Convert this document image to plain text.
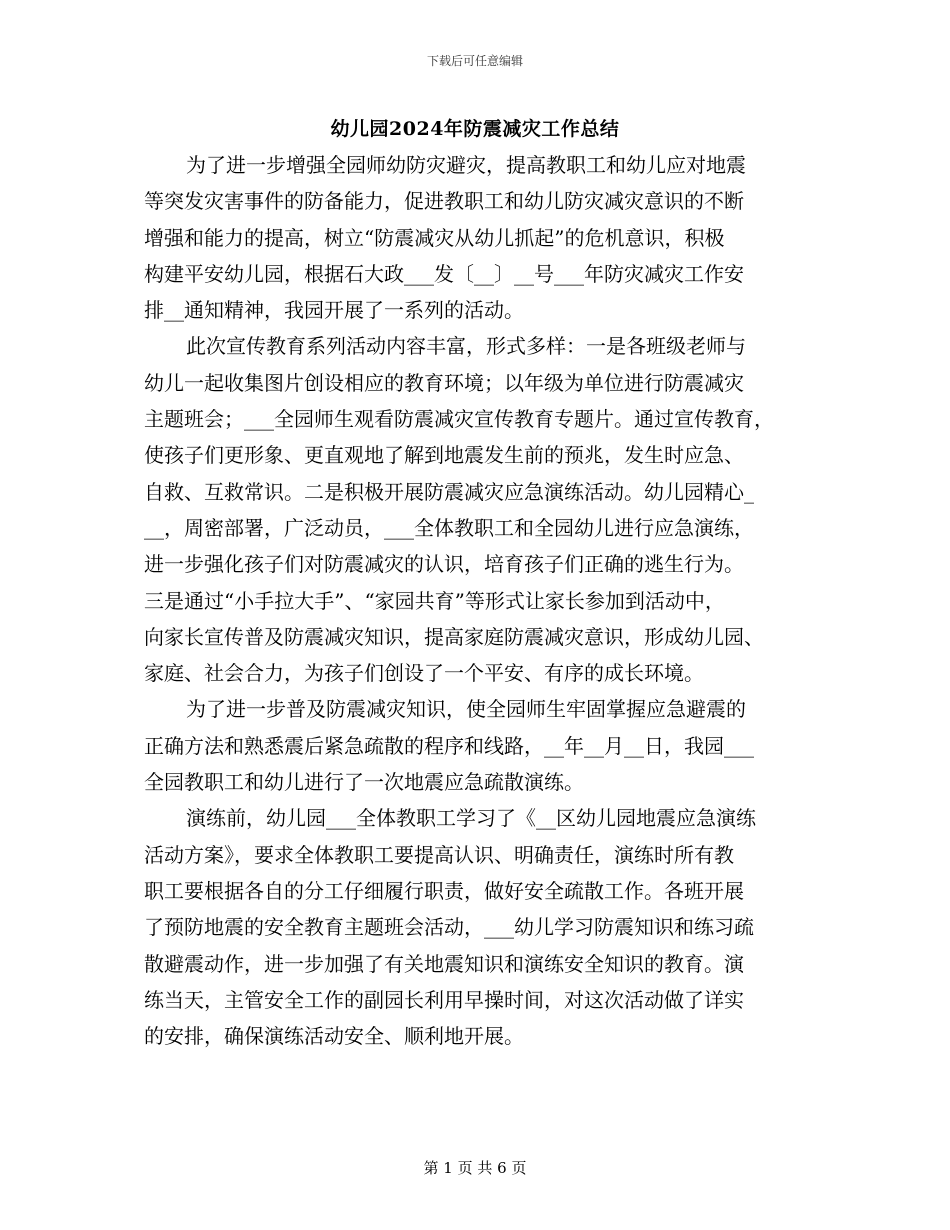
下载后可任意编辑
幼儿园2024年防震减灾工作总结
为了进一步增强全园师幼防灾避灾，提高教职工和幼儿应对地震
等突发灾害事件的防备能力，促进教职工和幼儿防灾减灾意识的不断
增强和能力的提高，树立“防震减灾从幼儿抓起”的危机意识，积极
构建平安幼儿园，根据石大政___发〔__〕__号___年防灾减灾工作安
排__通知精神，我园开展了一系列的活动。
此次宣传教育系列活动内容丰富，形式多样：一是各班级老师与
幼儿一起收集图片创设相应的教育环境；以年级为单位进行防震减灾
主题班会；___全园师生观看防震减灾宣传教育专题片。通过宣传教育，
使孩子们更形象、更直观地了解到地震发生前的预兆，发生时应急、
自救、互救常识。二是积极开展防震减灾应急演练活动。幼儿园精心_
__，周密部署，广泛动员，___全体教职工和全园幼儿进行应急演练，
进一步强化孩子们对防震减灾的认识，培育孩子们正确的逃生行为。
三是通过“小手拉大手”、“家园共育”等形式让家长参加到活动中，
向家长宣传普及防震减灾知识，提高家庭防震减灾意识，形成幼儿园、
家庭、社会合力，为孩子们创设了一个平安、有序的成长环境。
为了进一步普及防震减灾知识，使全园师生牢固掌握应急避震的
正确方法和熟悉震后紧急疏散的程序和线路，__年__月__日，我园___
全园教职工和幼儿进行了一次地震应急疏散演练。
演练前，幼儿园___全体教职工学习了《__区幼儿园地震应急演练
活动方案》，要求全体教职工要提高认识、明确责任，演练时所有教
职工要根据各自的分工仔细履行职责，做好安全疏散工作。各班开展
了预防地震的安全教育主题班会活动，___幼儿学习防震知识和练习疏
散避震动作，进一步加强了有关地震知识和演练安全知识的教育。演
练当天，主管安全工作的副园长利用早操时间，对这次活动做了详实
的安排，确保演练活动安全、顺利地开展。
第 1 页 共 6 页
